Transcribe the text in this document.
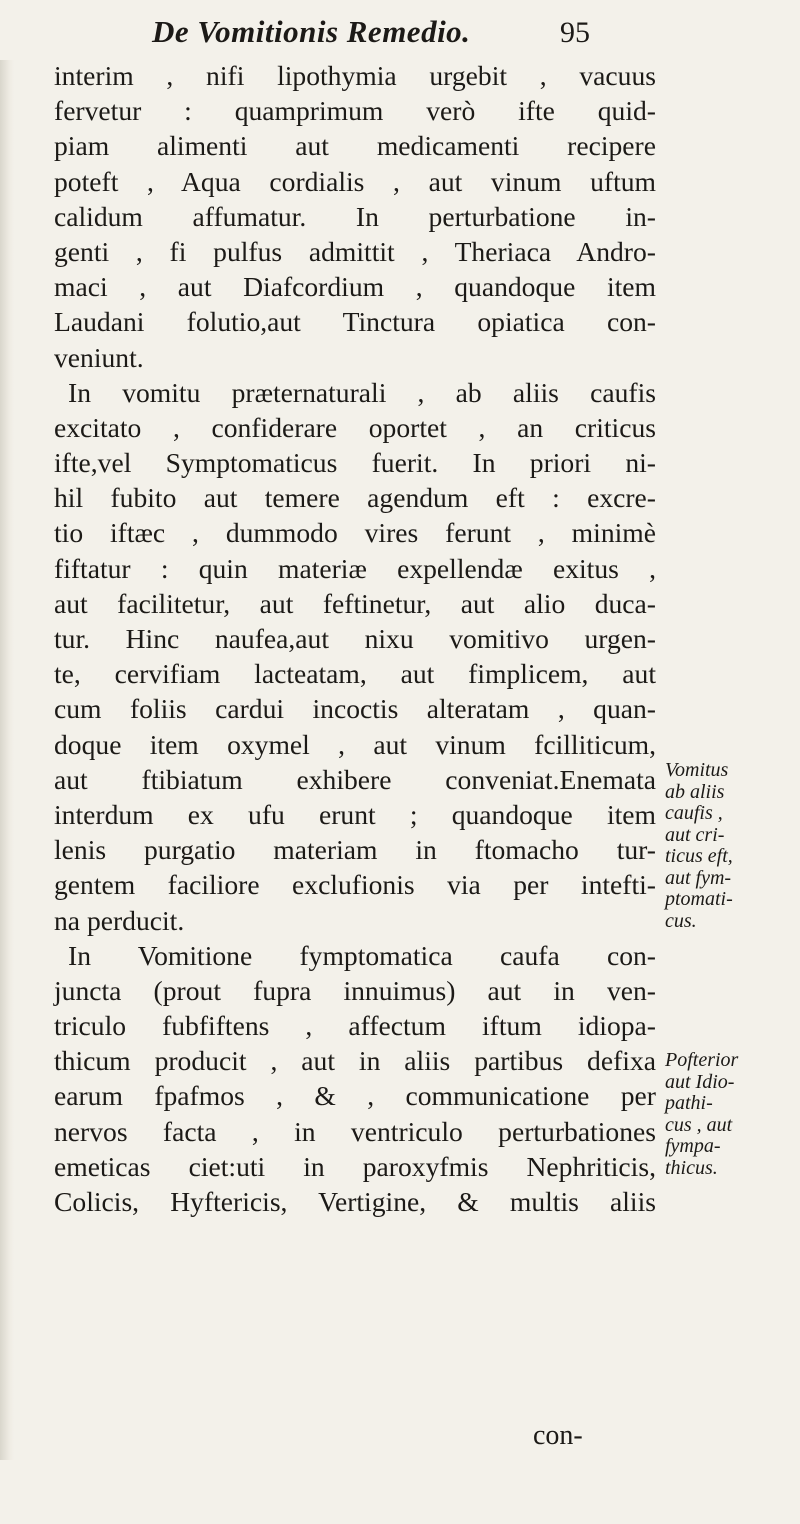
De Vomitionis Remedio.	95
interim , nifi lipothymia urgebit , vacuus
fervetur : quamprimum verò ifte quid-
piam alimenti aut medicamenti recipere
poteft , Aqua cordialis , aut vinum uftum
calidum affumatur. In perturbatione in-
genti , fi pulfus admittit , Theriaca Andro-
maci , aut Diafcordium , quandoque item
Laudani folutio,aut Tinctura opiatica con-
veniunt.
In vomitu præternaturali , ab aliis caufis
excitato , confiderare oportet , an criticus
ifte,vel Symptomaticus fuerit. In priori ni-
hil fubito aut temere agendum eft : excre-
tio iftæc , dummodo vires ferunt , minimè
fiftatur : quin materiæ expellendæ exitus ,
aut facilitetur, aut feftinetur, aut alio duca-
tur. Hinc naufea,aut nixu vomitivo urgen-
te, cervifiam lacteatam, aut fimplicem, aut
cum foliis cardui incoctis alteratam , quan-
doque item oxymel , aut vinum fcilliticum,
aut ftibiatum exhibere conveniat.Enemata
interdum ex ufu erunt ; quandoque item
lenis purgatio materiam in ftomacho tur-
gentem faciliore exclufionis via per intefti-
na perducit.
In Vomitione fymptomatica caufa con-
juncta (prout fupra innuimus) aut in ven-
triculo fubfiftens , affectum iftum idiopa-
thicum producit , aut in aliis partibus defixa
earum fpafmos , & , communicatione per
nervos facta , in ventriculo perturbationes
emeticas ciet:uti in paroxyfmis Nephriticis,
Colicis, Hyftericis, Vertigine, & multis aliis
Vomitus
ab aliis
caufis ,
aut cri-
ticus eft,
aut fym-
ptomati-
cus.
Pofterior
aut Idio-
pathi-
cus , aut
fympa-
thicus.
con-
